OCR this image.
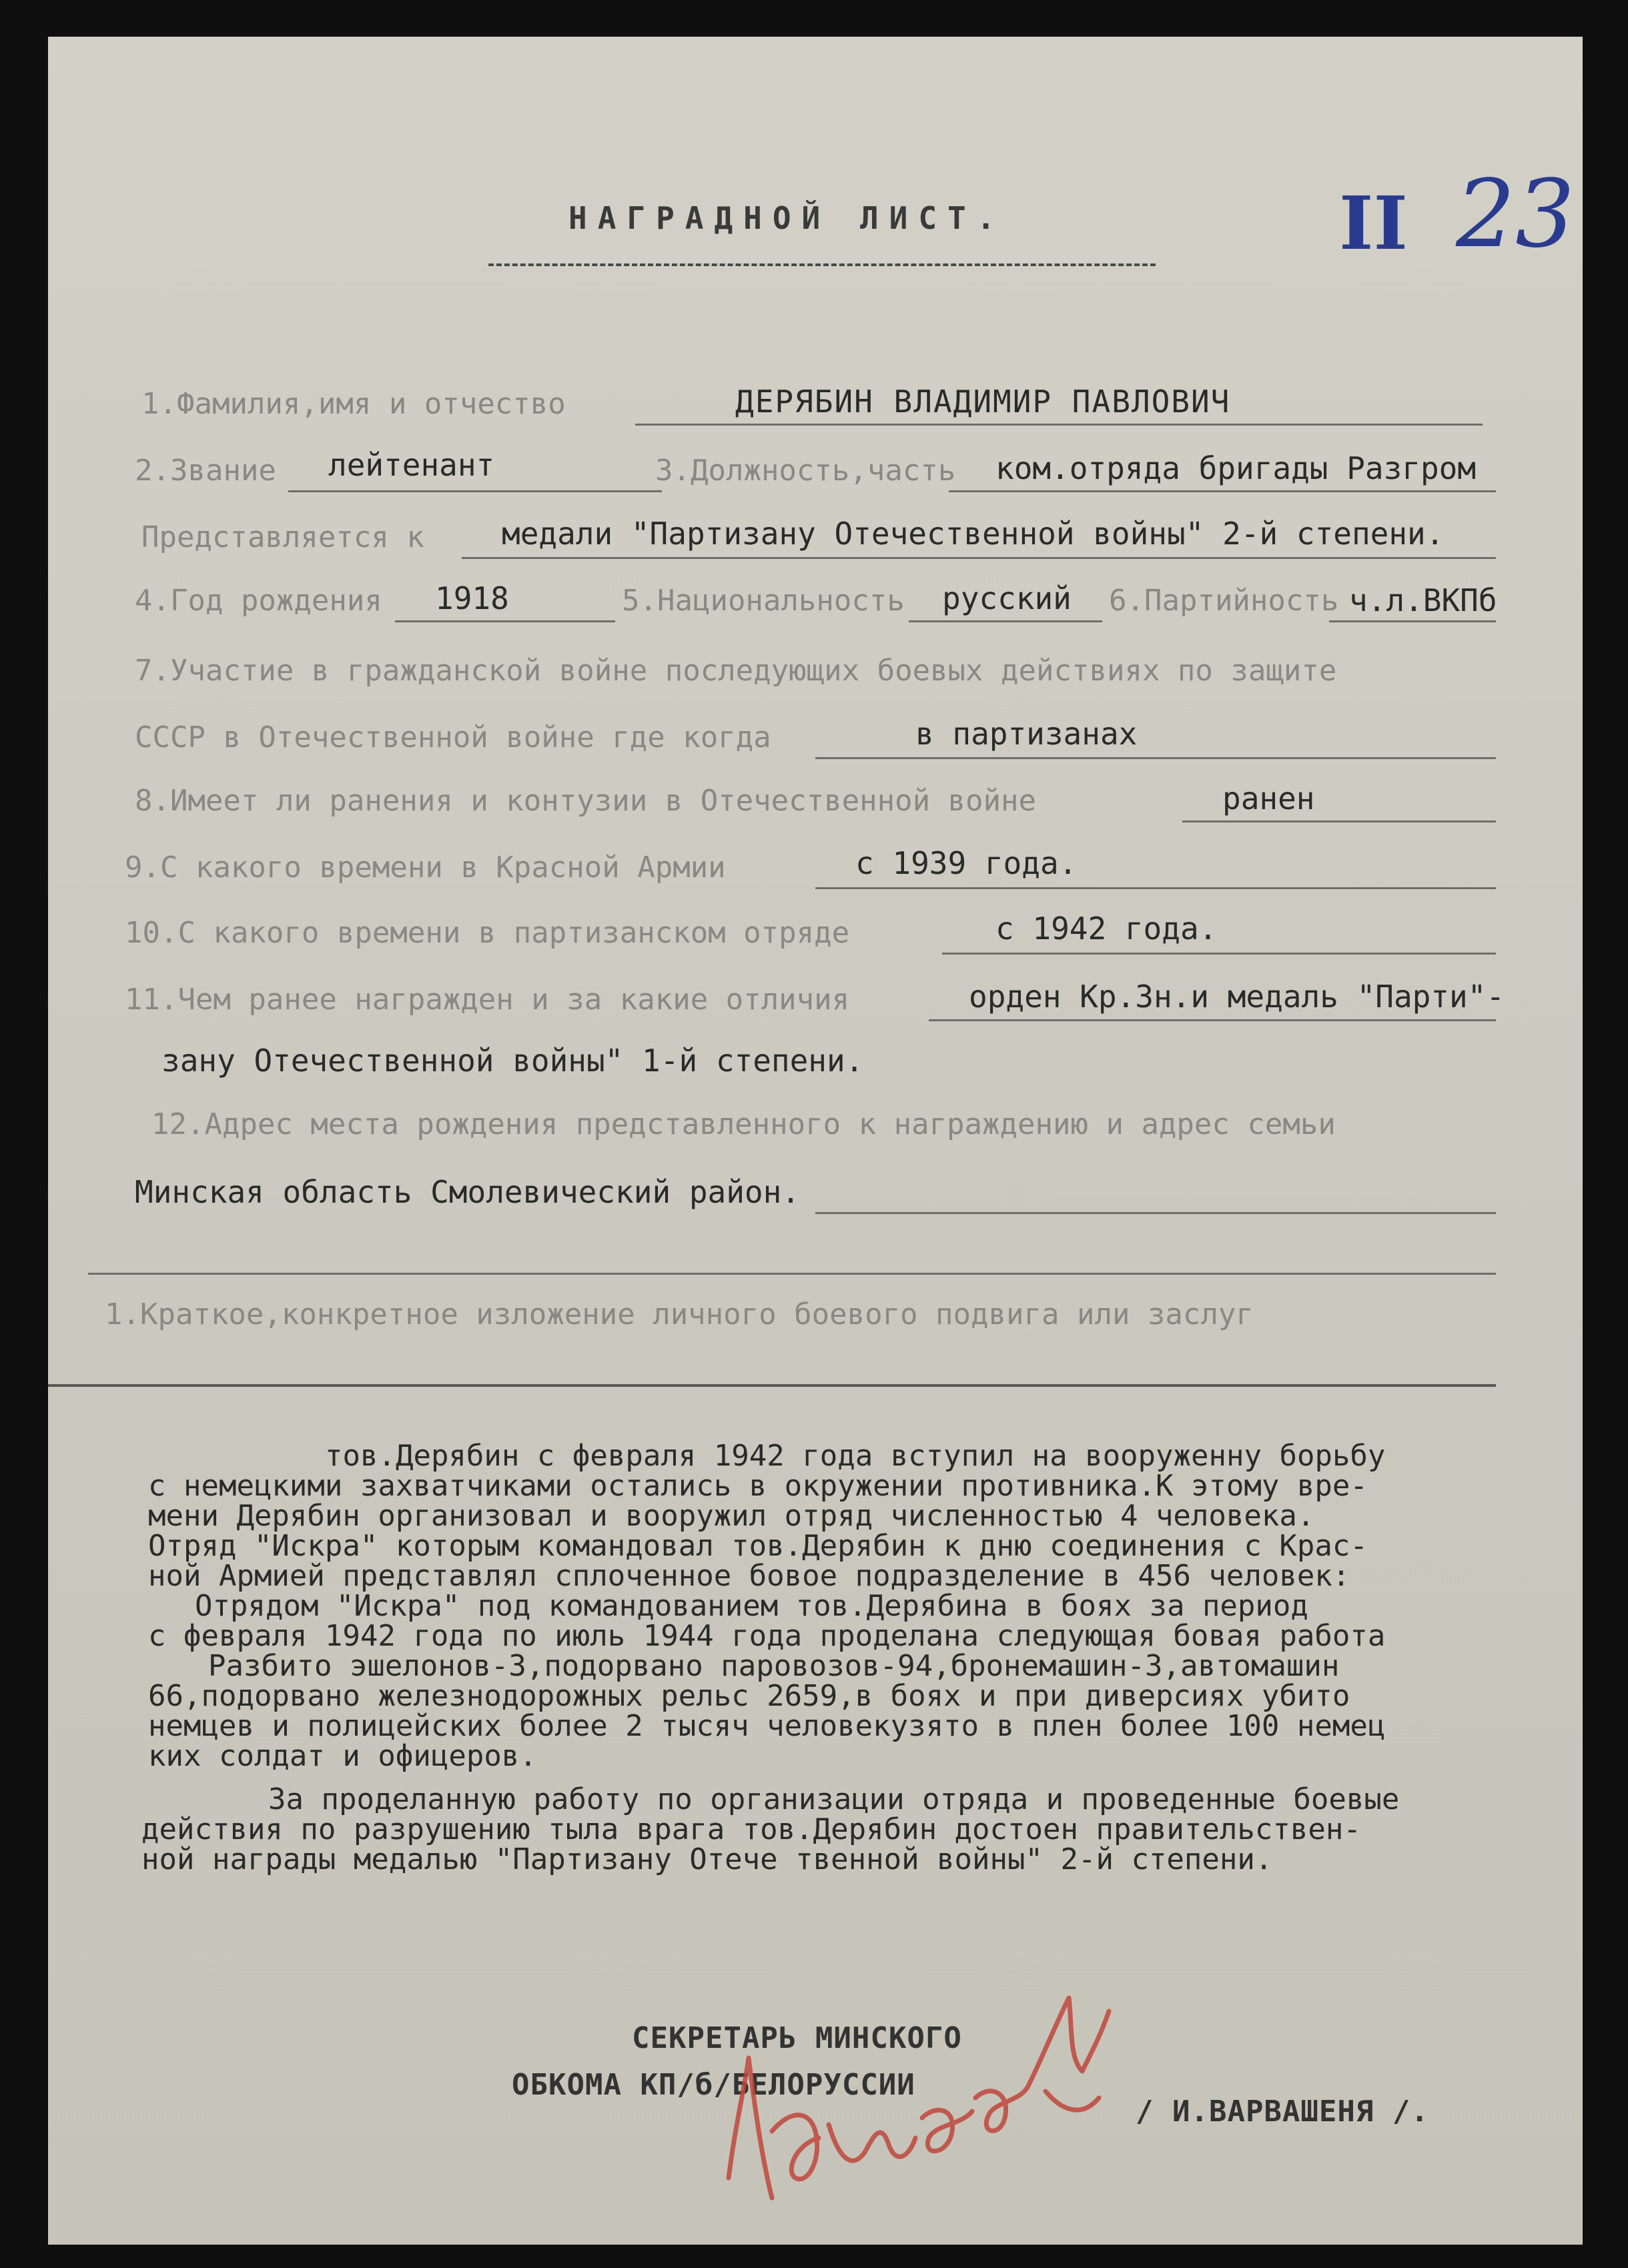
НАГРАДНОЙ ЛИСТ.	II 23
1.Фамилия,имя и отчество	ДЕРЯБИН ВЛАДИМИР ПАВЛОВИЧ
2.Звание лейтенант	3.Должность,часть ком.отряда бригады Разгром
Представляется к	медали "Партизану Отечественной войны" 2-й степени.
4.Год рождения 1918	5.Национальность русский 6.Партийность ч.л.ВКПб
7.Участие в гражданской войне последующих боевых действиях по защите
СССР в Отечественной войне где когда	в партизанах
8.Имеет ли ранения и контузии в Отечественной войне	ранен
9.С какого времени в Красной Армии	с 1939 года.
10.С какого времени в партизанском отряде	с 1942 года.
11.Чем ранее награжден и за какие отличия	орден Кр.Зн.и медаль "Парти"-
зану Отечественной войны" 1-й степени.
12.Адрес места рождения представленного к награждению и адрес семьи
Минская область Смолевический район.
1.Краткое,конкретное изложение личного боевого подвига или заслуг
тов.Дерябин с февраля 1942 года вступил на вооруженну борьбу
с немецкими захватчиками остались в окружении противника.К этому вре-
мени Дерябин организовал и вооружил отряд численностью 4 человека.
Отряд "Искра" которым командовал тов.Дерябин к дню соединения с Крас-
ной Армией представлял сплоченное бовое подразделение в 456 человек:
Отрядом "Искра" под командованием тов.Дерябина в боях за период
с февраля 1942 года по июль 1944 года проделана следующая бовая работа
Разбито эшелонов-3,подорвано паровозов-94,бронемашин-3,автомашин
66,подорвано железнодорожных рельс 2659,в боях и при диверсиях убито
немцев и полицейских более 2 тысяч человекузято в плен более 100 немец
ких солдат и офицеров.
За проделанную работу по организации отряда и проведенные боевые
действия по разрушению тыла врага тов.Дерябин достоен правительствен-
ной награды медалью "Партизану Отече твенной войны" 2-й степени.
СЕКРЕТАРЬ МИНСКОГО
ОБКОМА КП/б/БЕЛОРУССИИ
/ И.ВАРВАШЕНЯ /.
